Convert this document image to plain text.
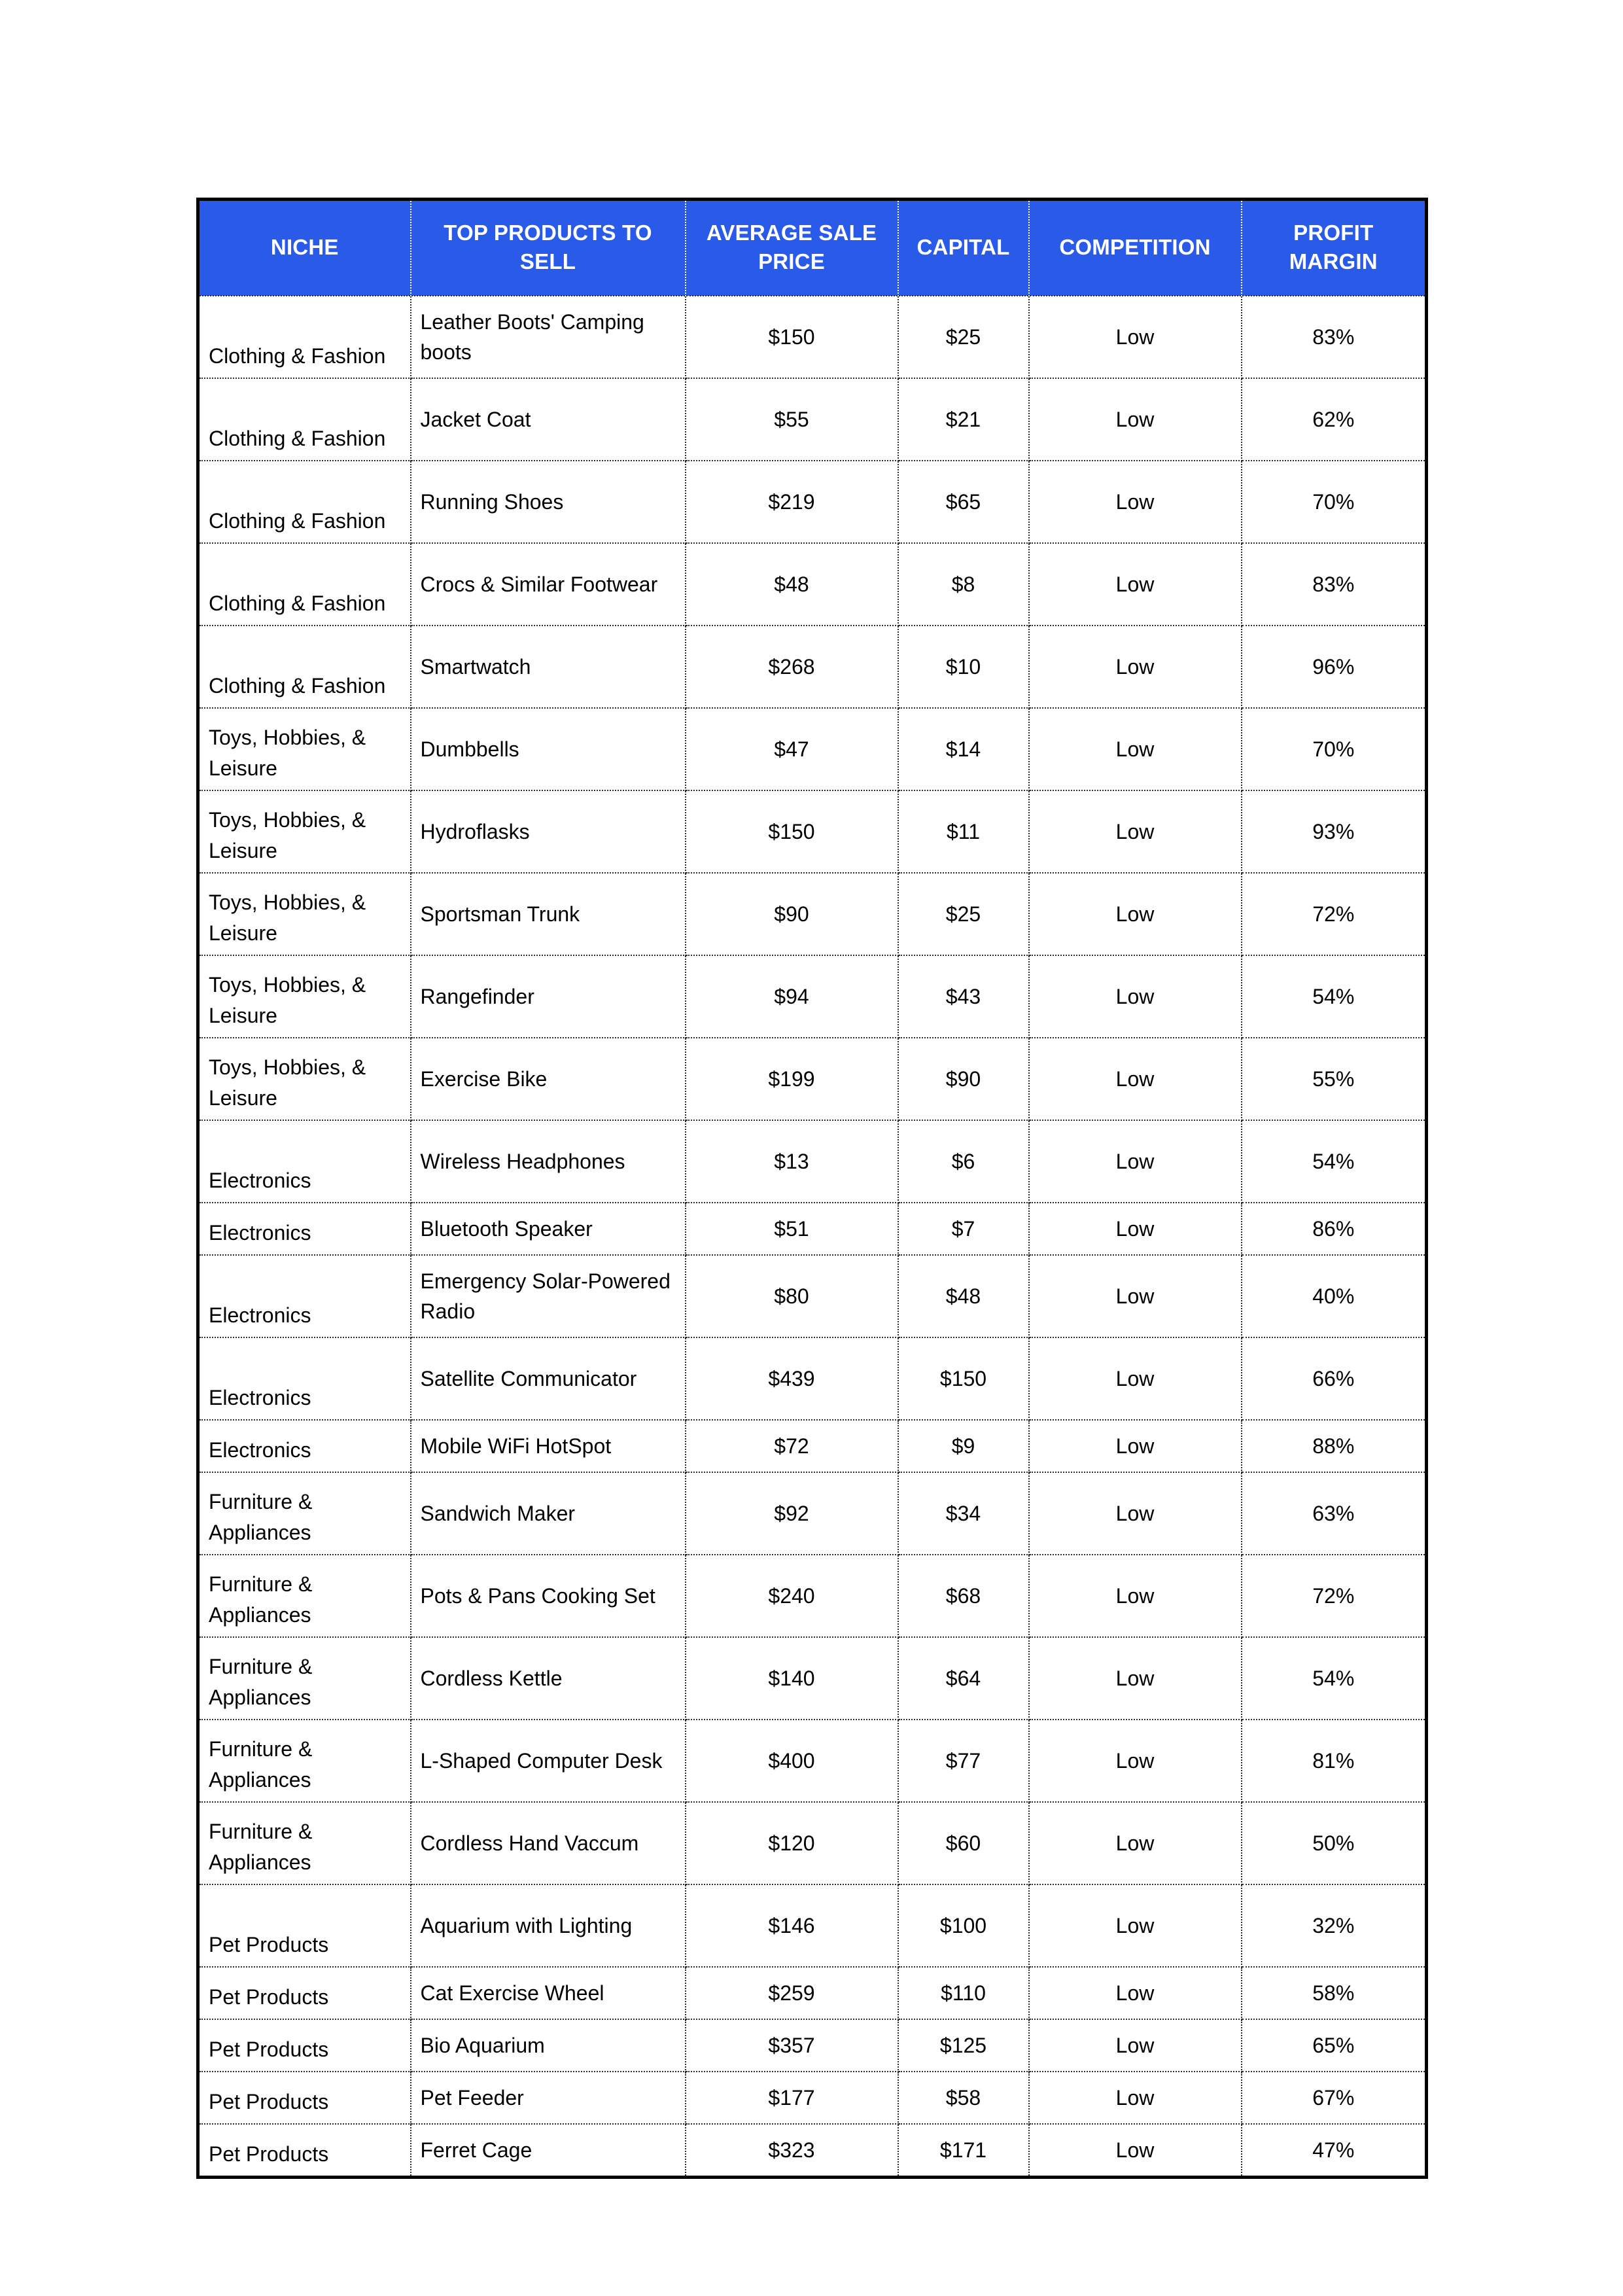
NICHE	TOP PRODUCTS TO SELL	AVERAGE SALE PRICE	CAPITAL	COMPETITION	PROFIT MARGIN
Clothing & Fashion	Leather Boots' Camping boots	$150	$25	Low	83%
Clothing & Fashion	Jacket Coat	$55	$21	Low	62%
Clothing & Fashion	Running Shoes	$219	$65	Low	70%
Clothing & Fashion	Crocs & Similar Footwear	$48	$8	Low	83%
Clothing & Fashion	Smartwatch	$268	$10	Low	96%
Toys, Hobbies, & Leisure	Dumbbells	$47	$14	Low	70%
Toys, Hobbies, & Leisure	Hydroflasks	$150	$11	Low	93%
Toys, Hobbies, & Leisure	Sportsman Trunk	$90	$25	Low	72%
Toys, Hobbies, & Leisure	Rangefinder	$94	$43	Low	54%
Toys, Hobbies, & Leisure	Exercise Bike	$199	$90	Low	55%
Electronics	Wireless Headphones	$13	$6	Low	54%
Electronics	Bluetooth Speaker	$51	$7	Low	86%
Electronics	Emergency Solar-Powered Radio	$80	$48	Low	40%
Electronics	Satellite Communicator	$439	$150	Low	66%
Electronics	Mobile WiFi HotSpot	$72	$9	Low	88%
Furniture & Appliances	Sandwich Maker	$92	$34	Low	63%
Furniture & Appliances	Pots & Pans Cooking Set	$240	$68	Low	72%
Furniture & Appliances	Cordless Kettle	$140	$64	Low	54%
Furniture & Appliances	L-Shaped Computer Desk	$400	$77	Low	81%
Furniture & Appliances	Cordless Hand Vaccum	$120	$60	Low	50%
Pet Products	Aquarium with Lighting	$146	$100	Low	32%
Pet Products	Cat Exercise Wheel	$259	$110	Low	58%
Pet Products	Bio Aquarium	$357	$125	Low	65%
Pet Products	Pet Feeder	$177	$58	Low	67%
Pet Products	Ferret Cage	$323	$171	Low	47%
